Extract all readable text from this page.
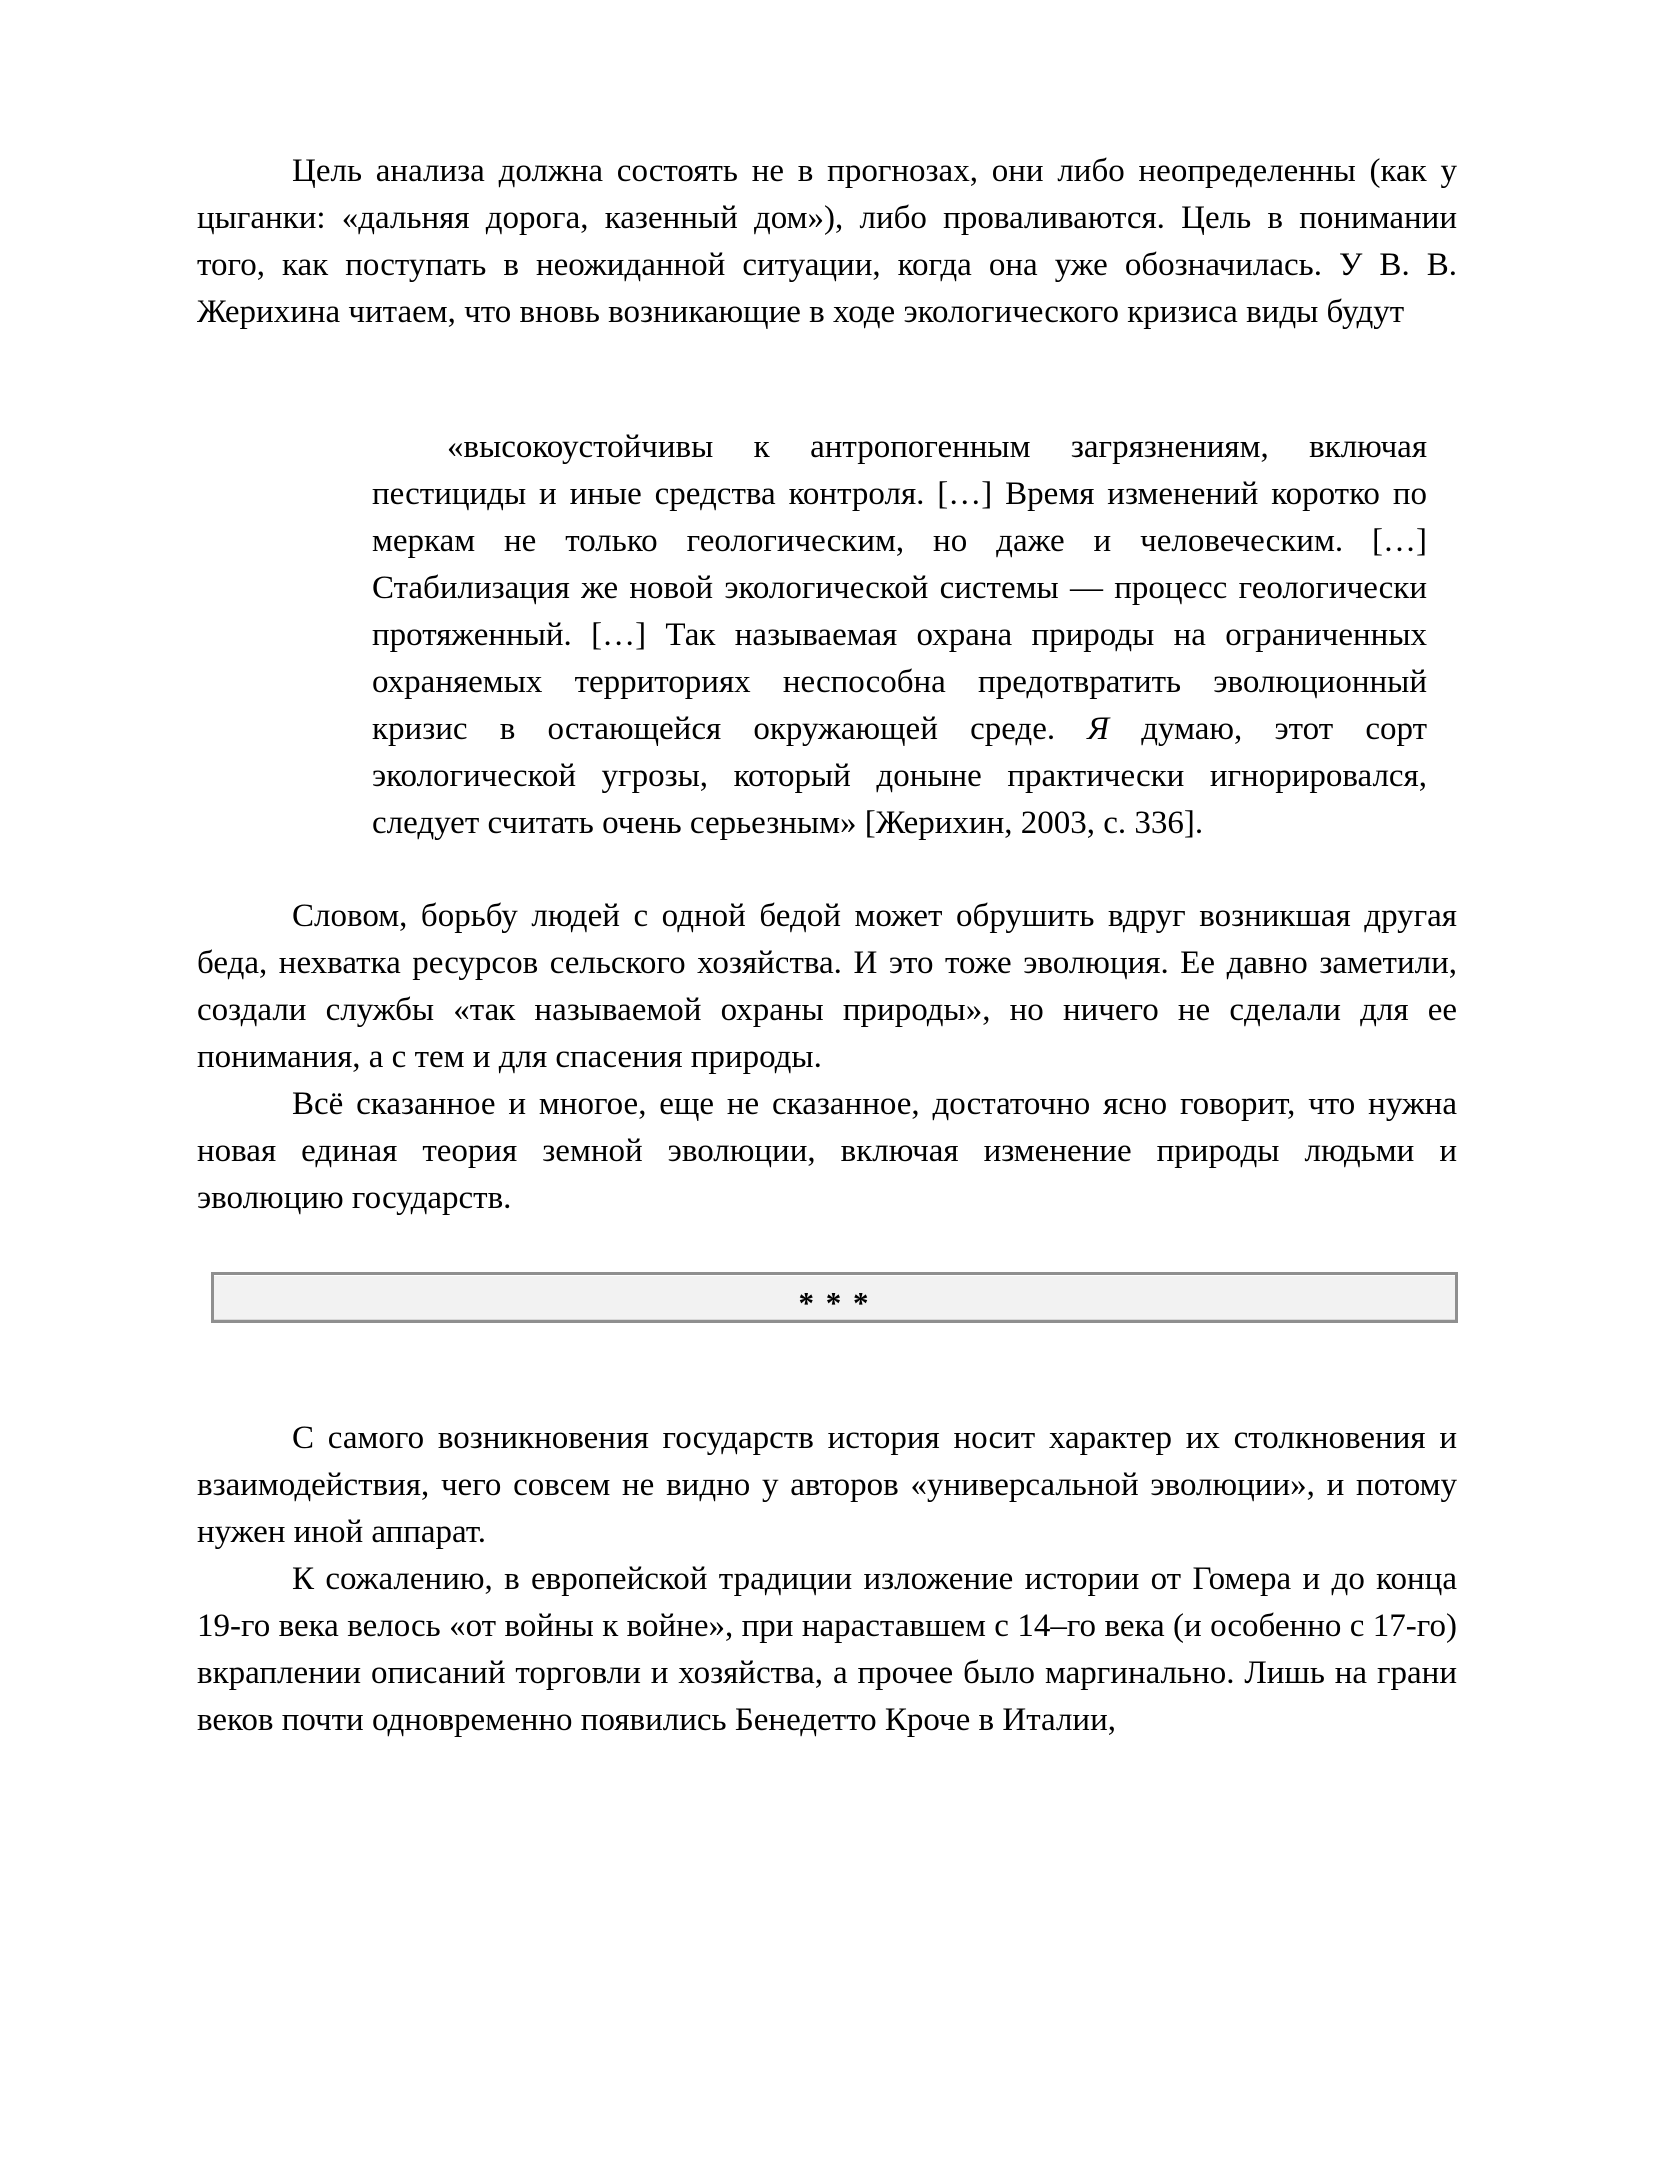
Цель анализа должна состоять не в прогнозах, они либо неопределенны (как у цыганки: «дальняя дорога, казенный дом»), либо проваливаются. Цель в понимании того, как поступать в неожиданной ситуации, когда она уже обозначилась. У В. В. Жерихина читаем, что вновь возникающие в ходе экологического кризиса виды будут

«высокоустойчивы к антропогенным загрязнениям, включая пестициды и иные средства контроля. […] Время изменений коротко по меркам не только геологическим, но даже и человеческим. […] Стабилизация же новой экологической системы — процесс геологически протяженный. […] Так называемая охрана природы на ограниченных охраняемых территориях неспособна предотвратить эволюционный кризис в остающейся окружающей среде. Я думаю, этот сорт экологической угрозы, который доныне практически игнорировался, следует считать очень серьезным» [Жерихин, 2003, с. 336].

Словом, борьбу людей с одной бедой может обрушить вдруг возникшая другая беда, нехватка ресурсов сельского хозяйства. И это тоже эволюция. Ее давно заметили, создали службы «так называемой охраны природы», но ничего не сделали для ее понимания, а с тем и для спасения природы.

Всё сказанное и многое, еще не сказанное, достаточно ясно говорит, что нужна новая единая теория земной эволюции, включая изменение природы людьми и эволюцию государств.

* * *

С самого возникновения государств история носит характер их столкновения и взаимодействия, чего совсем не видно у авторов «универсальной эволюции», и потому нужен иной аппарат.

К сожалению, в европейской традиции изложение истории от Гомера и до конца 19-го века велось «от войны к войне», при нараставшем с 14–го века (и особенно с 17-го) вкраплении описаний торговли и хозяйства, а прочее было маргинально. Лишь на грани веков почти одновременно появились Бенедетто Кроче в Италии,
